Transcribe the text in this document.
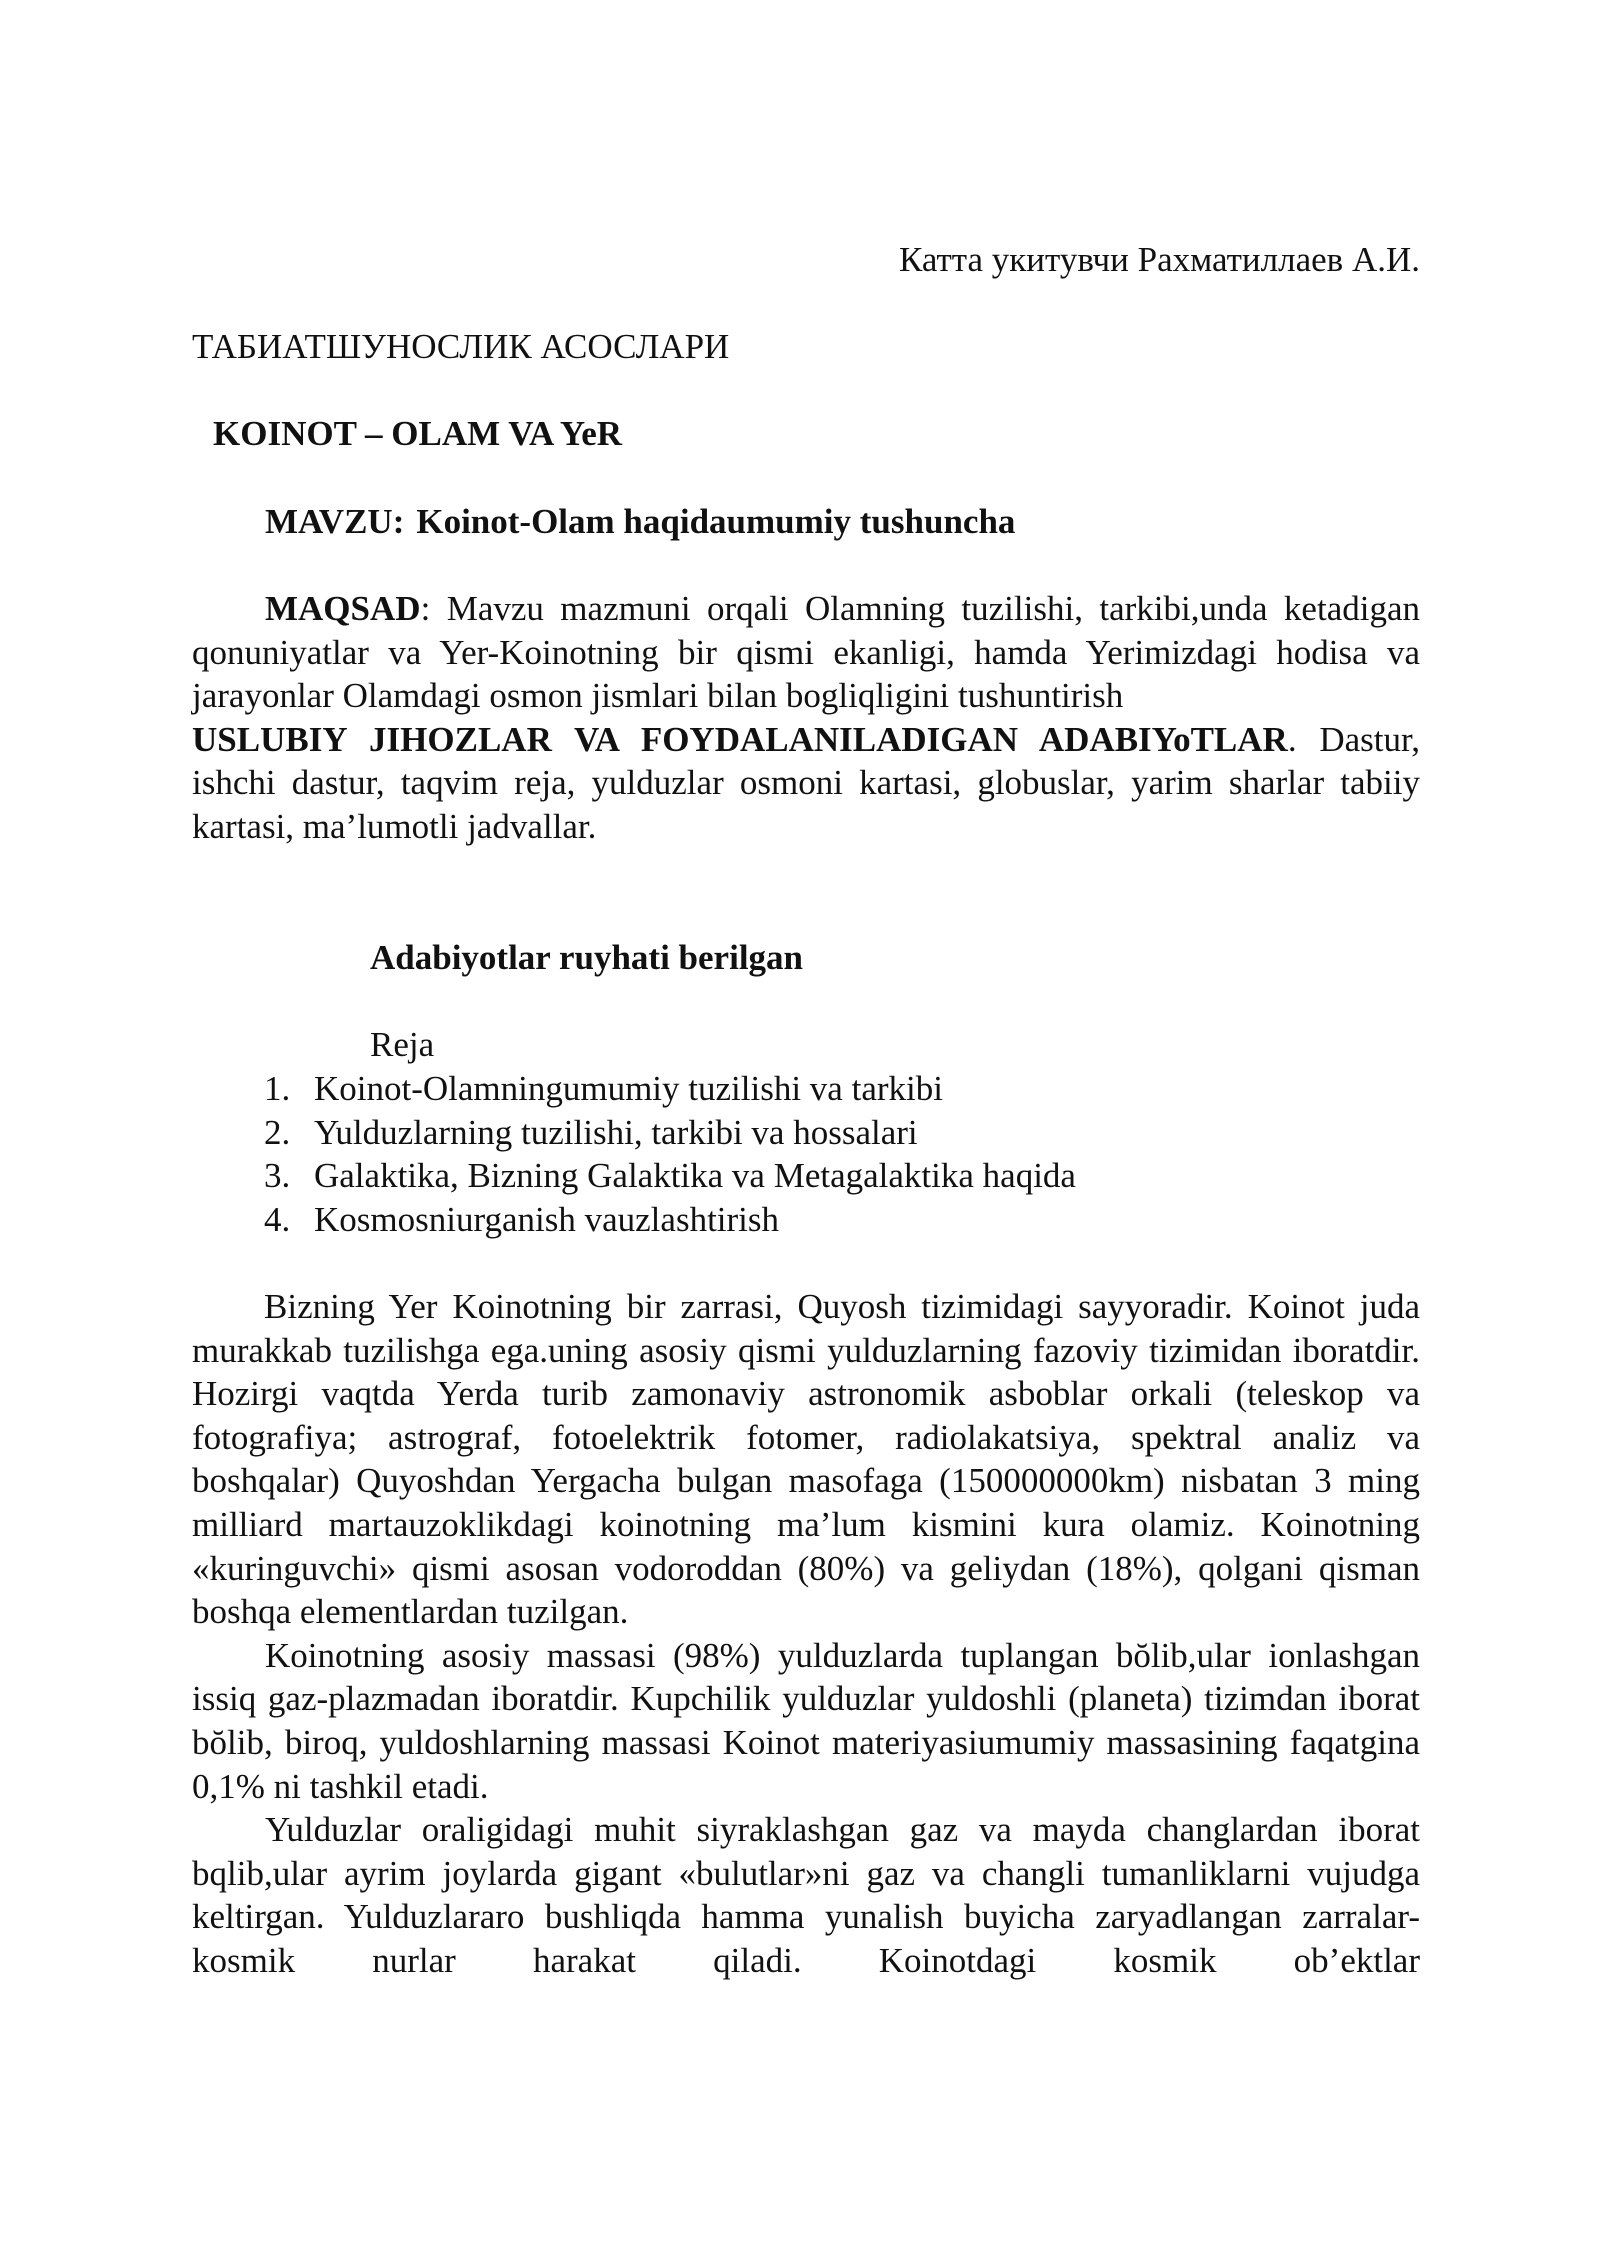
Катта укитувчи Рахматиллаев А.И.
ТАБИАТШУНОСЛИК АСОСЛАРИ
KOINOT – OLAM VA YeR
MAVZU: Koinot-Olam haqidaumumiy tushuncha

MAQSAD: Mavzu mazmuni orqali Olamning tuzilishi, tarkibi,unda ketadigan qonuniyatlar va Yer-Koinotning bir qismi ekanligi, hamda Yerimizdagi hodisa va jarayonlar Olamdagi osmon jismlari bilan bogliqligini tushuntirish

USLUBIY JIHOZLAR VA FOYDALANILADIGAN ADABIYoTLAR. Dastur, ishchi dastur, taqvim reja, yulduzlar osmoni kartasi, globuslar, yarim sharlar tabiiy kartasi, ma’lumotli jadvallar.

Adabiyotlar ruyhati berilgan
Reja
1. Koinot-Olamningumumiy tuzilishi va tarkibi
2. Yulduzlarning tuzilishi, tarkibi va hossalari
3. Galaktika, Bizning Galaktika va Metagalaktika haqida
4. Kosmosniurganish vauzlashtirish

Bizning Yer Koinotning bir zarrasi, Quyosh tizimidagi sayyoradir. Koinot juda murakkab tuzilishga ega.uning asosiy qismi yulduzlarning fazoviy tizimidan iboratdir. Hozirgi vaqtda Yerda turib zamonaviy astronomik asboblar orkali (teleskop va fotografiya; astrograf, fotoelektrik fotomer, radiolakatsiya, spektral analiz va boshqalar) Quyoshdan Yergacha bulgan masofaga (150000000km) nisbatan 3 ming milliard martauzoklikdagi koinotning ma’lum kismini kura olamiz. Koinotning «kuringuvchi» qismi asosan vodoroddan (80%) va geliydan (18%), qolgani qisman boshqa elementlardan tuzilgan.

Koinotning asosiy massasi (98%) yulduzlarda tuplangan bŏlib,ular ionlashgan issiq gaz-plazmadan iboratdir. Kupchilik yulduzlar yuldoshli (planeta) tizimdan iborat bŏlib, biroq, yuldoshlarning massasi Koinot materiyasiumumiy massasining faqatgina 0,1% ni tashkil etadi.

Yulduzlar oraligidagi muhit siyraklashgan gaz va mayda changlardan iborat bqlib,ular ayrim joylarda gigant «bulutlar»ni gaz va changli tumanliklarni vujudga keltirgan. Yulduzlararo bushliqda hamma yunalish buyicha zaryadlangan zarralar-kosmik nurlar harakat qiladi. Koinotdagi kosmik ob’ektlar
